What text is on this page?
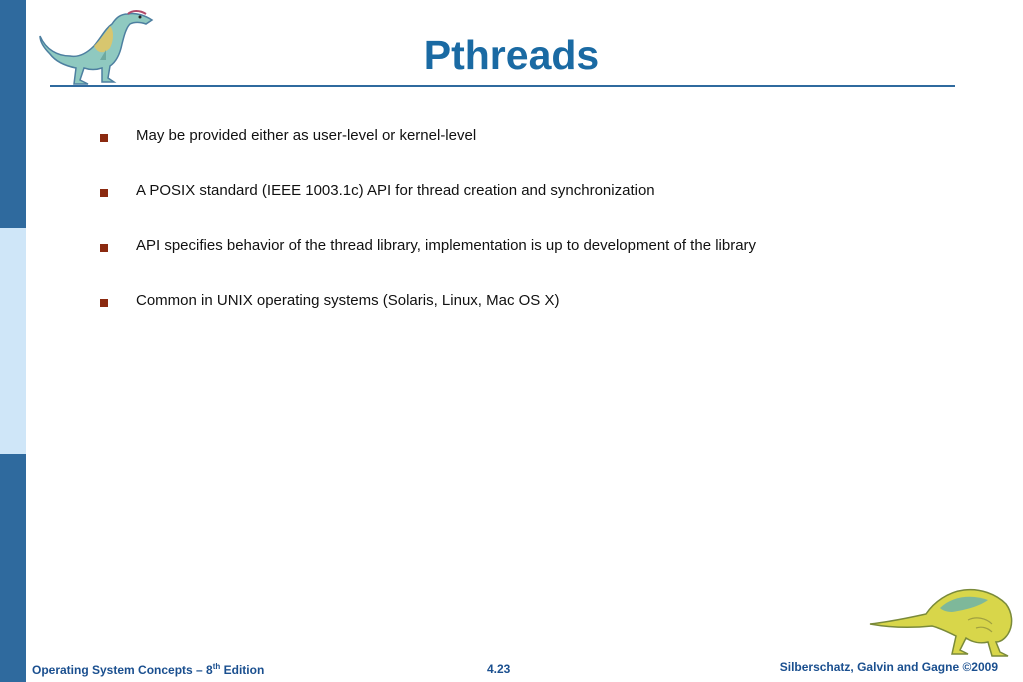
Pthreads
May be provided either as user-level or kernel-level
A POSIX standard (IEEE 1003.1c) API for thread creation and synchronization
API specifies behavior of the thread library, implementation is up to development of the library
Common in UNIX operating systems (Solaris, Linux, Mac OS X)
Operating System Concepts – 8th Edition	4.23	Silberschatz, Galvin and Gagne ©2009
